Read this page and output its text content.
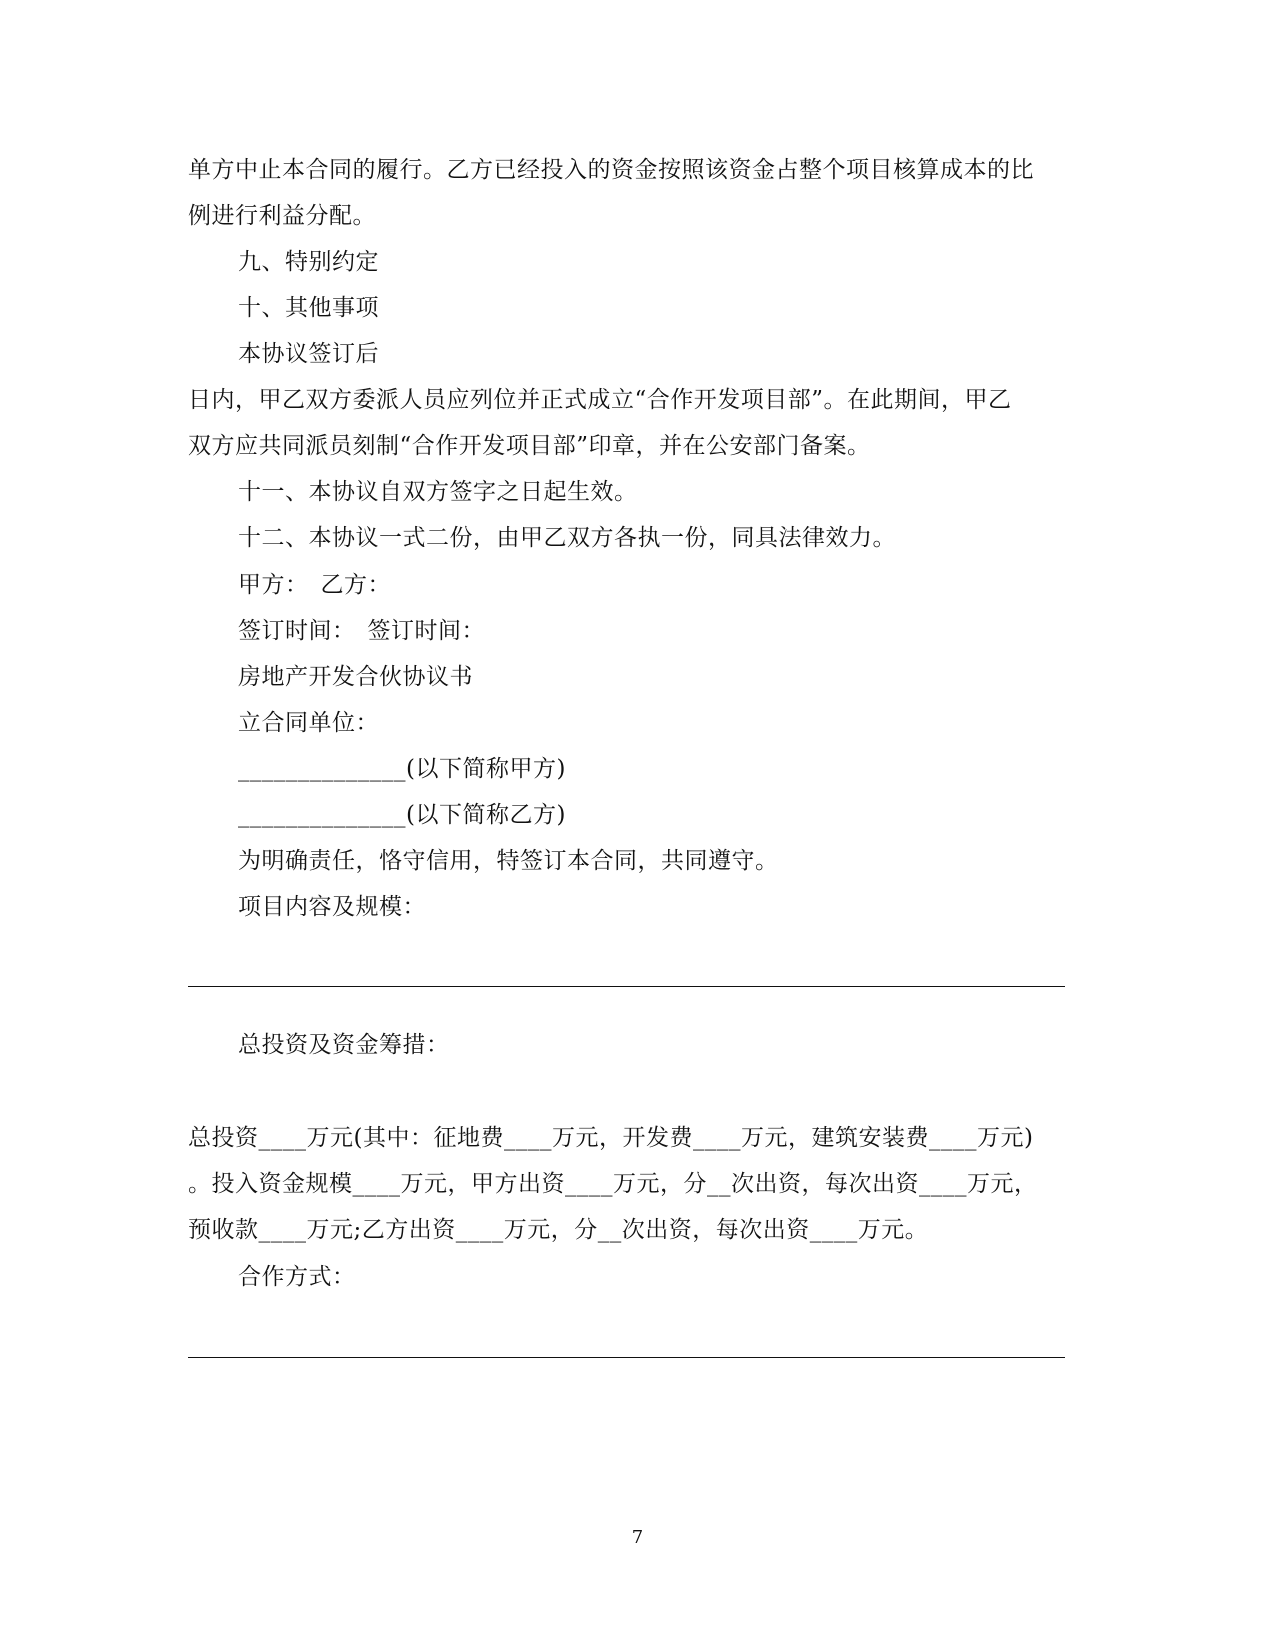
单方中止本合同的履行。乙方已经投入的资金按照该资金占整个项目核算成本的比
例进行利益分配。
九、特别约定
十、其他事项
本协议签订后
日内，甲乙双方委派人员应列位并正式成立“合作开发项目部”。在此期间，甲乙
双方应共同派员刻制“合作开发项目部”印章，并在公安部门备案。
十一、本协议自双方签字之日起生效。
十二、本协议一式二份，由甲乙双方各执一份，同具法律效力。
甲方：　乙方：
签订时间：　签订时间：
房地产开发合伙协议书
立合同单位：
______________(以下简称甲方)
______________(以下简称乙方)
为明确责任，恪守信用，特签订本合同，共同遵守。
项目内容及规模：
总投资及资金筹措：
总投资____万元(其中：征地费____万元，开发费____万元，建筑安装费____万元)
。投入资金规模____万元，甲方出资____万元，分__次出资，每次出资____万元，
预收款____万元;乙方出资____万元，分__次出资，每次出资____万元。
合作方式：
7
